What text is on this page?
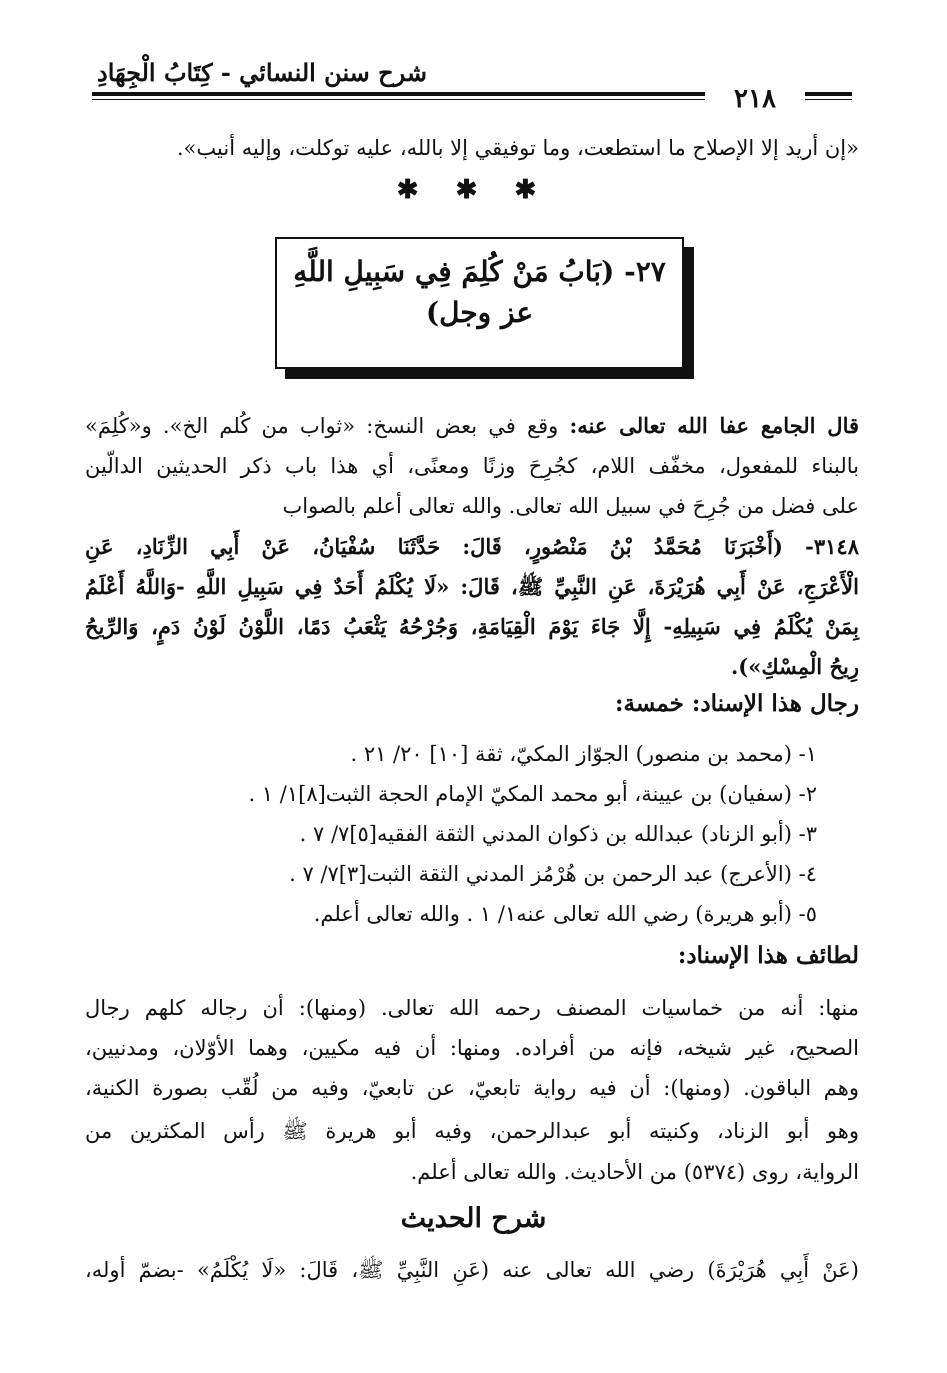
شرح سنن النسائي - كِتَابُ الْجِهَادِ
٢١٨
«إن أريد إلا الإصلاح ما استطعت، وما توفيقي إلا بالله، عليه توكلت، وإليه أنيب».
✱ ✱ ✱
٢٧- (بَابُ مَنْ كُلِمَ فِي سَبِيلِ اللَّهِ
عز وجل)
قال الجامع عفا الله تعالى عنه: وقع في بعض النسخ: «ثواب من كُلم الخ». و«كُلِمَ»
بالبناء للمفعول، مخفّف اللام، كجُرِحَ وزنًا ومعنًى، أي هذا باب ذكر الحديثين الدالّين
على فضل من جُرِحَ في سبيل الله تعالى. والله تعالى أعلم بالصواب
٣١٤٨- (أَخْبَرَنَا مُحَمَّدُ بْنُ مَنْصُورٍ، قَالَ: حَدَّثَنَا سُفْيَانُ، عَنْ أَبِي الزِّنَادِ، عَنِ
الْأَعْرَجِ، عَنْ أَبِي هُرَيْرَةَ، عَنِ النَّبِيِّ ﷺ، قَالَ: «لَا يُكْلَمُ أَحَدٌ فِي سَبِيلِ اللَّهِ -وَاللَّهُ أَعْلَمُ
بِمَنْ يُكْلَمُ فِي سَبِيلِهِ- إِلَّا جَاءَ يَوْمَ الْقِيَامَةِ، وَجُرْحُهُ يَثْعَبُ دَمًا، اللَّوْنُ لَوْنُ دَمٍ، وَالرِّيحُ
رِيحُ الْمِسْكِ»).
رجال هذا الإسناد: خمسة:
١- (محمد بن منصور) الجوّاز المكيّ، ثقة [١٠] ٢٠/ ٢١ .
٢- (سفيان) بن عيينة، أبو محمد المكيّ الإمام الحجة الثبت[٨]١/ ١ .
٣- (أبو الزناد) عبدالله بن ذكوان المدني الثقة الفقيه[٥]٧/ ٧ .
٤- (الأعرج) عبد الرحمن بن هُرْمُز المدني الثقة الثبت[٣]٧/ ٧ .
٥- (أبو هريرة) رضي الله تعالى عنه١/ ١ . والله تعالى أعلم.
لطائف هذا الإسناد:
منها: أنه من خماسيات المصنف رحمه الله تعالى. (ومنها): أن رجاله كلهم رجال
الصحيح، غير شيخه، فإنه من أفراده. ومنها: أن فيه مكيين، وهما الأوّلان، ومدنيين،
وهم الباقون. (ومنها): أن فيه رواية تابعيّ، عن تابعيّ، وفيه من لُقّب بصورة الكنية،
وهو أبو الزناد، وكنيته أبو عبدالرحمن، وفيه أبو هريرة ﷺ رأس المكثرين من
الرواية، روى (٥٣٧٤) من الأحاديث. والله تعالى أعلم.
شرح الحديث
(عَنْ أَبِي هُرَيْرَةَ) رضي الله تعالى عنه (عَنِ النَّبِيِّ ﷺ، قَالَ: «لَا يُكْلَمُ» -بضمّ أوله،
